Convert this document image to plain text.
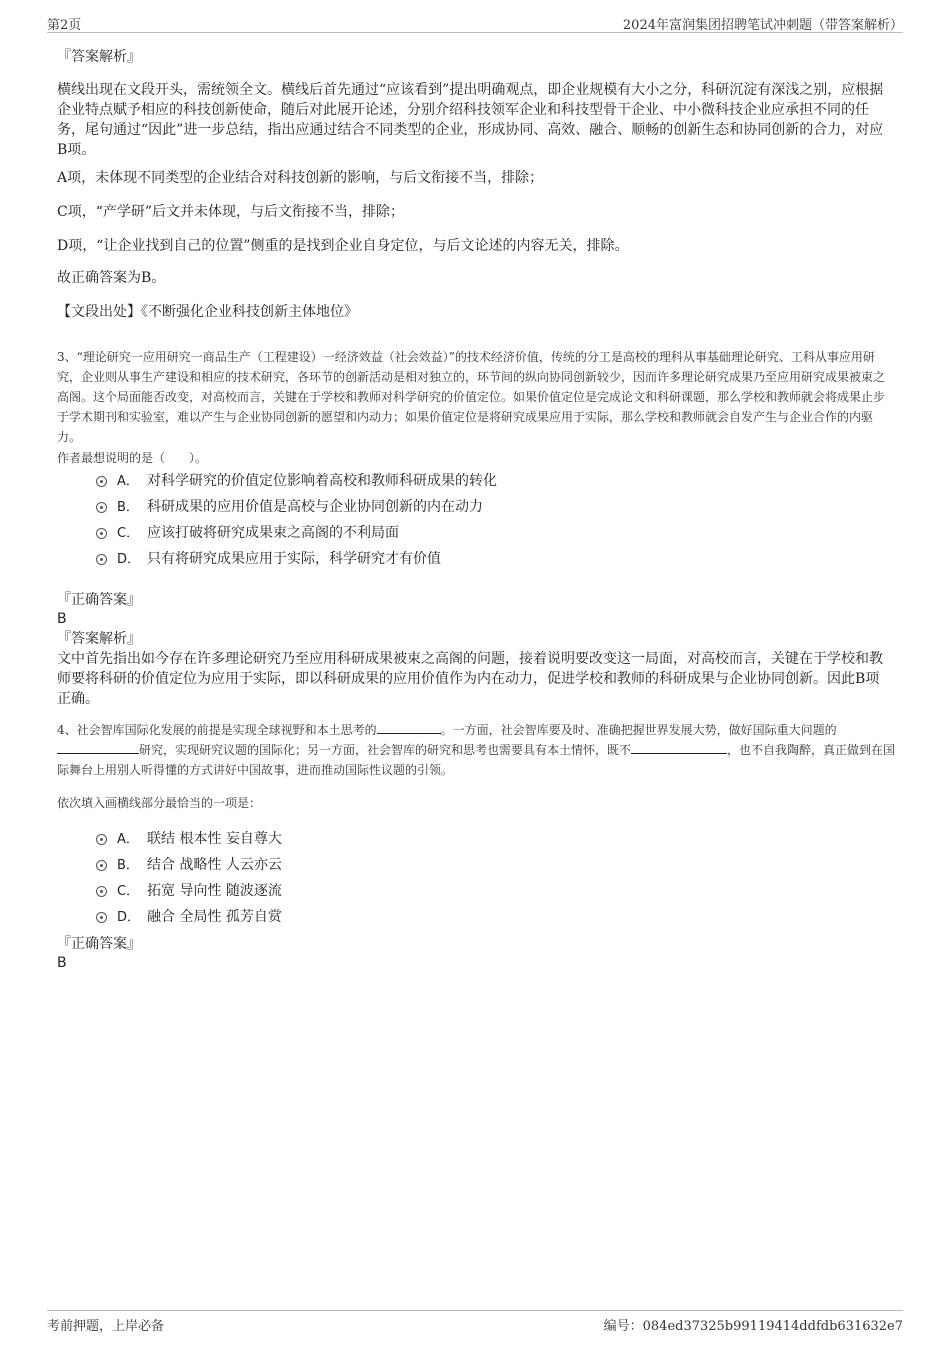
第2页	2024年富润集团招聘笔试冲刺题（带答案解析）
『答案解析』
横线出现在文段开头，需统领全文。横线后首先通过“应该看到”提出明确观点，即企业规模有大小之分，科研沉淀有深浅之别，应根据企业特点赋予相应的科技创新使命，随后对此展开论述，分别介绍科技领军企业和科技型骨干企业、中小微科技企业应承担不同的任务，尾句通过“因此”进一步总结，指出应通过结合不同类型的企业，形成协同、高效、融合、顺畅的创新生态和协同创新的合力，对应B项。
A项，未体现不同类型的企业结合对科技创新的影响，与后文衔接不当，排除；
C项，“产学研”后文并未体现，与后文衔接不当，排除；
D项，“让企业找到自己的位置”侧重的是找到企业自身定位，与后文论述的内容无关，排除。
故正确答案为B。
【文段出处】《不断强化企业科技创新主体地位》
3、“理论研究一应用研究一商品生产（工程建设）一经济效益（社会效益）”的技术经济价值，传统的分工是高校的理科从事基础理论研究、工科从事应用研究，企业则从事生产建设和相应的技术研究，各环节的创新活动是相对独立的，环节间的纵向协同创新较少，因而许多理论研究成果乃至应用研究成果被束之高阁。这个局面能否改变，对高校而言，关键在于学校和教师对科学研究的价值定位。如果价值定位是完成论文和科研课题，那么学校和教师就会将成果止步于学术期刊和实验室，难以产生与企业协同创新的愿望和内动力；如果价值定位是将研究成果应用于实际，那么学校和教师就会自发产生与企业合作的内驱力。
作者最想说明的是（　　）。
A． 对科学研究的价值定位影响着高校和教师科研成果的转化
B． 科研成果的应用价值是高校与企业协同创新的内在动力
C． 应该打破将研究成果束之高阁的不利局面
D． 只有将研究成果应用于实际，科学研究才有价值
『正确答案』
B
『答案解析』
文中首先指出如今存在许多理论研究乃至应用科研成果被束之高阁的问题，接着说明要改变这一局面，对高校而言，关键在于学校和教师要将科研的价值定位为应用于实际，即以科研成果的应用价值作为内在动力，促进学校和教师的科研成果与企业协同创新。因此B项正确。
4、社会智库国际化发展的前提是实现全球视野和本土思考的	。一方面，社会智库要及时、准确把握世界发展大势，做好国际重大问题的研究，实现研究议题的国际化；另一方面，社会智库的研究和思考也需要具有本土情怀，既不	，也不自我陶醉，真正做到在国际舞台上用别人听得懂的方式讲好中国故事，进而推动国际性议题的引领。
依次填入画横线部分最恰当的一项是：
A． 联结 根本性 妄自尊大
B． 结合 战略性 人云亦云
C． 拓宽 导向性 随波逐流
D． 融合 全局性 孤芳自赏
『正确答案』
B
考前押题，上岸必备	编号：084ed37325b99119414ddfdb631632e7
